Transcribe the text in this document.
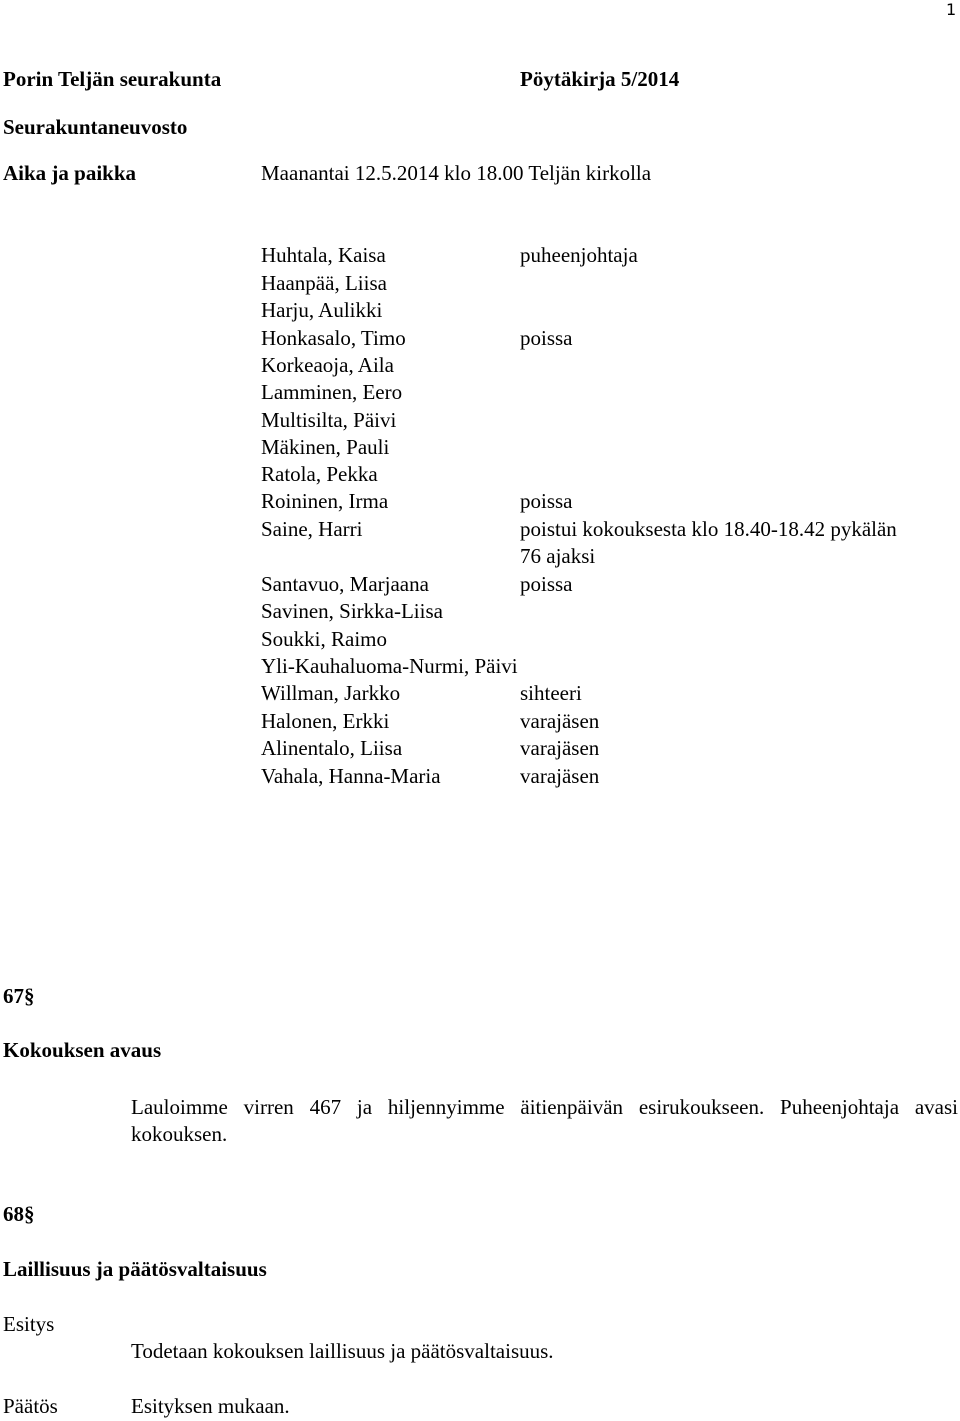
1
Porin Teljän seurakunta	Pöytäkirja 5/2014
Seurakuntaneuvosto
Aika ja paikka	Maanantai 12.5.2014 klo 18.00 Teljän kirkolla
Huhtala, Kaisa	puheenjohtaja
Haanpää, Liisa
Harju, Aulikki
Honkasalo, Timo	poissa
Korkeaoja, Aila
Lamminen, Eero
Multisilta, Päivi
Mäkinen, Pauli
Ratola, Pekka
Roininen, Irma	poissa
Saine, Harri	poistui kokouksesta klo 18.40-18.42 pykälän
76 ajaksi
Santavuo, Marjaana	poissa
Savinen, Sirkka-Liisa
Soukki, Raimo
Yli-Kauhaluoma-Nurmi, Päivi
Willman, Jarkko	sihteeri
Halonen, Erkki	varajäsen
Alinentalo, Liisa	varajäsen
Vahala, Hanna-Maria	varajäsen
67§
Kokouksen avaus
Lauloimme virren 467 ja hiljennyimme äitienpäivän esirukoukseen. Puheenjohtaja avasi kokouksen.
68§
Laillisuus ja päätösvaltaisuus
Esitys
Todetaan kokouksen laillisuus ja päätösvaltaisuus.
Päätös	Esityksen mukaan.
